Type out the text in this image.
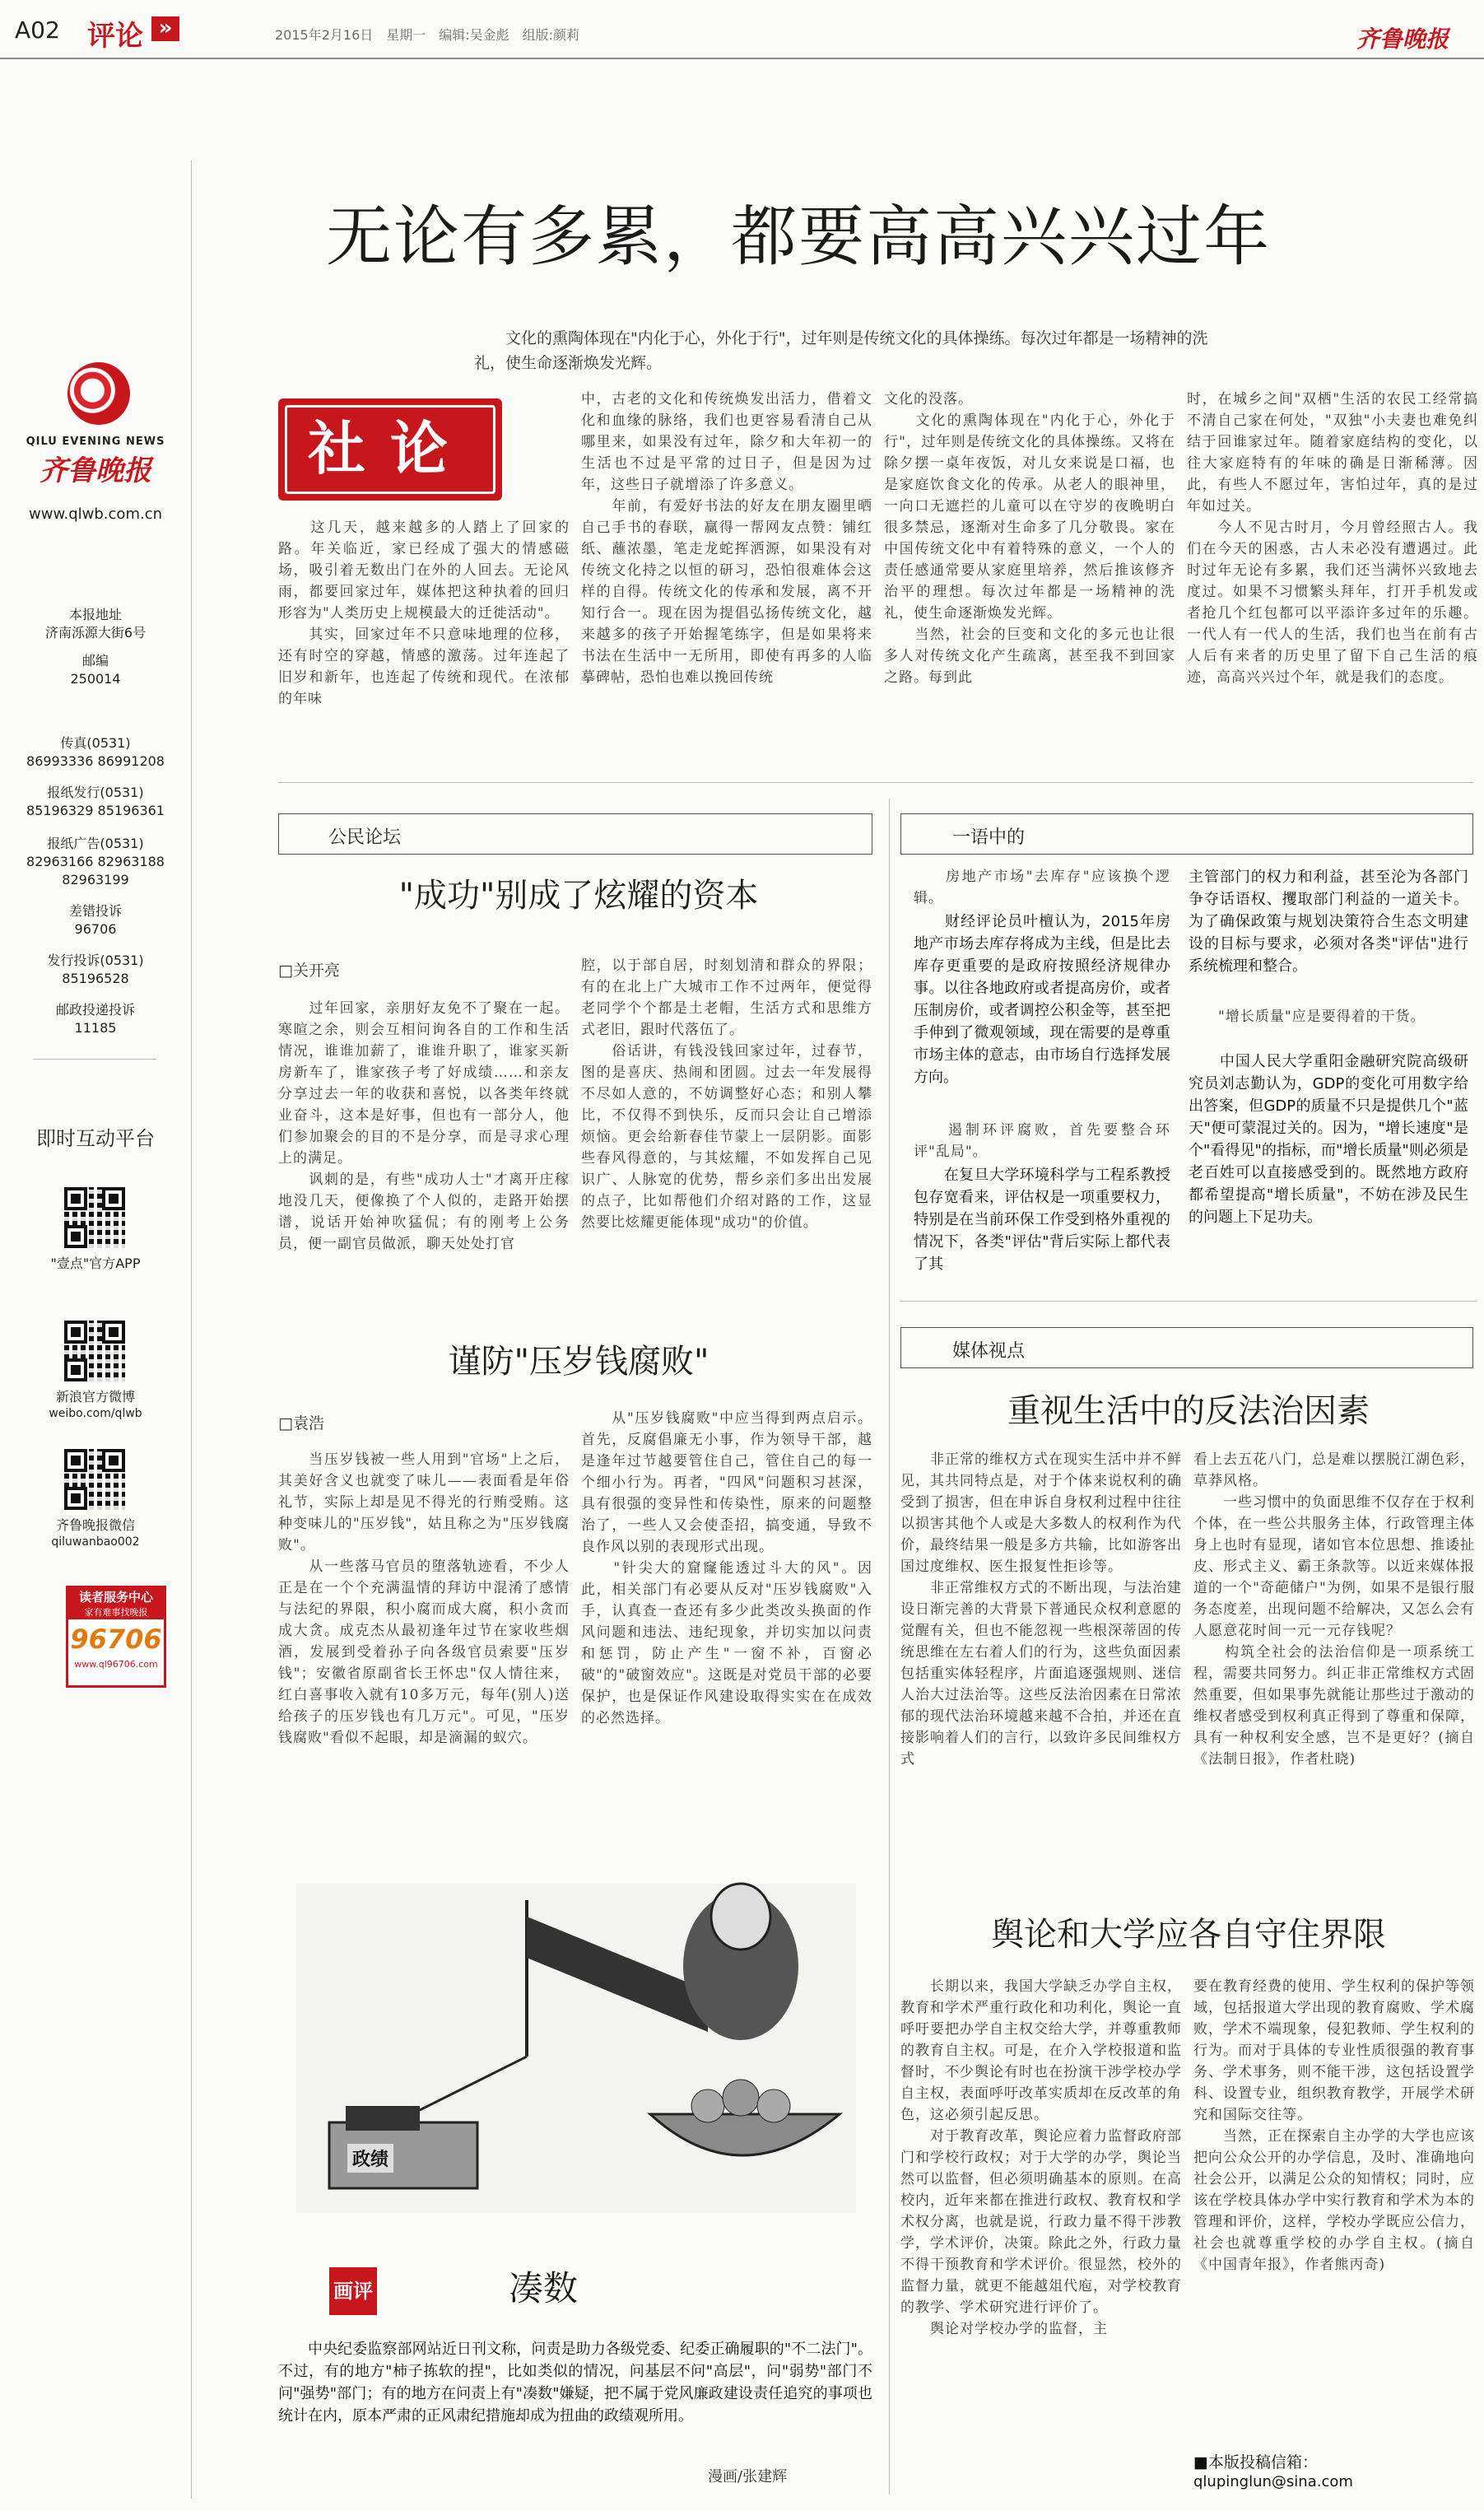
A02 评论 »	2015年2月16日　星期一　编辑:吴金彪　组版:颜莉	齐鲁晚报
QILU EVENING NEWS
齐鲁晚报
www.qlwb.com.cn
本报地址
济南泺源大街6号
邮编
250014
传真(0531)
86993336 86991208
报纸发行(0531)
85196329 85196361
报纸广告(0531)
82963166 82963188
82963199
差错投诉
96706
发行投诉(0531)
85196528
邮政投递投诉
11185
即时互动平台
"壹点"官方APP
新浪官方微博
weibo.com/qlwb
齐鲁晚报微信
qiluwanbao002
读者服务中心
家有难事找晚报
96706
www.ql96706.com
无论有多累，都要高高兴兴过年
文化的熏陶体现在"内化于心，外化于行"，过年则是传统文化的具体操练。每次过年都是一场精神的洗礼，使生命逐渐焕发光辉。
社论
　　这几天，越来越多的人踏上了回家的路。年关临近，家已经成了强大的情感磁场，吸引着无数出门在外的人回去。无论风雨，都要回家过年，媒体把这种执着的回归形容为"人类历史上规模最大的迁徙活动"。
　　其实，回家过年不只意味地理的位移，还有时空的穿越，情感的激荡。过年连起了旧岁和新年，也连起了传统和现代。在浓郁的年味
中，古老的文化和传统焕发出活力，借着文化和血缘的脉络，我们也更容易看清自己从哪里来，如果没有过年，除夕和大年初一的生活也不过是平常的过日子，但是因为过年，这些日子就增添了许多意义。
　　年前，有爱好书法的好友在朋友圈里晒自己手书的春联，赢得一帮网友点赞：铺红纸、蘸浓墨，笔走龙蛇挥洒源，如果没有对传统文化持之以恒的研习，恐怕很难体会这样的自得。传统文化的传承和发展，离不开知行合一。现在因为提倡弘扬传统文化，越来越多的孩子开始握笔练字，但是如果将来书法在生活中一无所用，即使有再多的人临摹碑帖，恐怕也难以挽回传统
文化的没落。
　　文化的熏陶体现在"内化于心，外化于行"，过年则是传统文化的具体操练。又将在除夕摆一桌年夜饭，对儿女来说是口福，也是家庭饮食文化的传承。从老人的眼神里，一向口无遮拦的儿童可以在守岁的夜晚明白很多禁忌，逐渐对生命多了几分敬畏。家在中国传统文化中有着特殊的意义，一个人的责任感通常要从家庭里培养，然后推该修齐治平的理想。每次过年都是一场精神的洗礼，使生命逐渐焕发光辉。
　　当然，社会的巨变和文化的多元也让很多人对传统文化产生疏离，甚至我不到回家之路。每到此
时，在城乡之间"双栖"生活的农民工经常搞不清自己家在何处，"双独"小夫妻也难免纠结于回谁家过年。随着家庭结构的变化，以往大家庭特有的年味的确是日渐稀薄。因此，有些人不愿过年，害怕过年，真的是过年如过关。
　　今人不见古时月，今月曾经照古人。我们在今天的困惑，古人未必没有遭遇过。此时过年无论有多累，我们还当满怀兴致地去度过。如果不习惯繁头拜年，打开手机发或者抢几个红包都可以平添许多过年的乐趣。一代人有一代人的生活，我们也当在前有古人后有来者的历史里了留下自己生活的痕迹，高高兴兴过个年，就是我们的态度。
公民论坛
"成功"别成了炫耀的资本
□关开亮
　　过年回家，亲朋好友免不了聚在一起。寒暄之余，则会互相问询各自的工作和生活情况，谁谁加薪了，谁谁升职了，谁家买新房新车了，谁家孩子考了好成绩……和亲友分享过去一年的收获和喜悦，以各类年终就业奋斗，这本是好事，但也有一部分人，他们参加聚会的目的不是分享，而是寻求心理上的满足。
　　讽刺的是，有些"成功人士"才离开庄稼地没几天，便像换了个人似的，走路开始摆谱，说话开始神吹猛侃；有的刚考上公务员，便一副官员做派，聊天处处打官
腔，以于部自居，时刻划清和群众的界限；有的在北上广大城市工作不过两年，便觉得老同学个个都是土老帽，生活方式和思维方式老旧，跟时代落伍了。
　　俗话讲，有钱没钱回家过年，过春节，图的是喜庆、热闹和团圆。过去一年发展得不尽如人意的，不妨调整好心态；和别人攀比，不仅得不到快乐，反而只会让自己增添烦恼。更会给新春佳节蒙上一层阴影。面影些春风得意的，与其炫耀，不如发挥自己见识广、人脉宽的优势，帮乡亲们多出出发展的点子，比如帮他们介绍对路的工作，这显然要比炫耀更能体现"成功"的价值。
谨防"压岁钱腐败"
□袁浩
　　当压岁钱被一些人用到"官场"上之后，其美好含义也就变了味儿——表面看是年俗礼节，实际上却是见不得光的行贿受贿。这种变味儿的"压岁钱"，姑且称之为"压岁钱腐败"。
　　从一些落马官员的堕落轨迹看，不少人正是在一个个充满温情的拜访中混淆了感情与法纪的界限，积小腐而成大腐，积小贪而成大贪。成克杰从最初逢年过节在家收些烟酒，发展到受着孙子向各级官员索要"压岁钱"；安徽省原副省长王怀忠"仅人情往来，红白喜事收入就有10多万元，每年(别人)送给孩子的压岁钱也有几万元"。可见，"压岁钱腐败"看似不起眼，却是滴漏的蚁穴。
　　从"压岁钱腐败"中应当得到两点启示。首先，反腐倡廉无小事，作为领导干部，越是逢年过节越要管住自己，管住自己的每一个细小行为。再者，"四风"问题积习甚深，具有很强的变异性和传染性，原来的问题整治了，一些人又会使歪招，搞变通，导致不良作风以别的表现形式出现。
　　"针尖大的窟窿能透过斗大的风"。因此，相关部门有必要从反对"压岁钱腐败"入手，认真查一查还有多少此类改头换面的作风问题和违法、违纪现象，并切实加以问责和惩罚，防止产生"一窗不补，百窗必破"的"破窗效应"。这既是对党员干部的必要保护，也是保证作风建设取得实实在在成效的必然选择。
政绩
画评	凑数
中央纪委监察部网站近日刊文称，问责是助力各级党委、纪委正确履职的"不二法门"。不过，有的地方"柿子拣软的捏"，比如类似的情况，问基层不问"高层"，问"弱势"部门不问"强势"部门；有的地方在问责上有"凑数"嫌疑，把不属于党风廉政建设责任追究的事项也统计在内，原本严肃的正风肃纪措施却成为扭曲的政绩观所用。
漫画/张建辉
一语中的
　　房地产市场"去库存"应该换个逻辑。
　　财经评论员叶檀认为，2015年房地产市场去库存将成为主线，但是比去库存更重要的是政府按照经济规律办事。以往各地政府或者提高房价，或者压制房价，或者调控公积金等，甚至把手伸到了微观领域，现在需要的是尊重市场主体的意志，由市场自行选择发展方向。
　　遏制环评腐败，首先要整合环评"乱局"。
　　在复旦大学环境科学与工程系教授包存宽看来，评估权是一项重要权力，特别是在当前环保工作受到格外重视的情况下，各类"评估"背后实际上都代表了其
主管部门的权力和利益，甚至沦为各部门争夺话语权、攫取部门利益的一道关卡。为了确保政策与规划决策符合生态文明建设的目标与要求，必须对各类"评估"进行系统梳理和整合。
　　"增长质量"应是要得着的干货。
　　中国人民大学重阳金融研究院高级研究员刘志勤认为，GDP的变化可用数字给出答案，但GDP的质量不只是提供几个"蓝天"便可蒙混过关的。因为，"增长速度"是个"看得见"的指标，而"增长质量"则必须是老百姓可以直接感受到的。既然地方政府都希望提高"增长质量"，不妨在涉及民生的问题上下足功夫。
媒体视点
重视生活中的反法治因素
　　非正常的维权方式在现实生活中并不鲜见，其共同特点是，对于个体来说权利的确受到了损害，但在申诉自身权利过程中往往以损害其他个人或是大多数人的权利作为代价，最终结果一般是多方共输，比如游客出国过度维权、医生报复性拒诊等。
　　非正常维权方式的不断出现，与法治建设日渐完善的大背景下普通民众权利意愿的觉醒有关，但也不能忽视一些根深蒂固的传统思维在左右着人们的行为，这些负面因素包括重实体轻程序，片面追逐强规则、迷信人治大过法治等。这些反法治因素在日常浓郁的现代法治环境越来越不合拍，并还在直接影响着人们的言行，以致许多民间维权方式
看上去五花八门，总是难以摆脱江湖色彩，草莽风格。
　　一些习惯中的负面思维不仅存在于权利个体，在一些公共服务主体，行政管理主体身上也时有显现，诸如官本位思想、推诿扯皮、形式主义、霸王条款等。以近来媒体报道的一个"奇葩储户"为例，如果不是银行服务态度差，出现问题不给解决，又怎么会有人愿意花时间一元一元存钱呢？
　　构筑全社会的法治信仰是一项系统工程，需要共同努力。纠正非正常维权方式固然重要，但如果事先就能让那些过于激动的维权者感受到权利真正得到了尊重和保障，具有一种权利安全感，岂不是更好？(摘自《法制日报》，作者杜晓)
舆论和大学应各自守住界限
　　长期以来，我国大学缺乏办学自主权，教育和学术严重行政化和功利化，舆论一直呼吁要把办学自主权交给大学，并尊重教师的教育自主权。可是，在介入学校报道和监督时，不少舆论有时也在扮演干涉学校办学自主权，表面呼吁改革实质却在反改革的角色，这必须引起反思。
　　对于教育改革，舆论应着力监督政府部门和学校行政权；对于大学的办学，舆论当然可以监督，但必须明确基本的原则。在高校内，近年来都在推进行政权、教育权和学术权分离，也就是说，行政力量不得干涉教学，学术评价，决策。除此之外，行政力量不得干预教育和学术评价。很显然，校外的监督力量，就更不能越俎代庖，对学校教育的教学、学术研究进行评价了。
　　舆论对学校办学的监督，主
要在教育经费的使用、学生权利的保护等领域，包括报道大学出现的教育腐败、学术腐败，学术不端现象，侵犯教师、学生权利的行为。而对于具体的专业性质很强的教育事务、学术事务，则不能干涉，这包括设置学科、设置专业，组织教育教学，开展学术研究和国际交往等。
　　当然，正在探索自主办学的大学也应该把向公众公开的办学信息，及时、准确地向社会公开，以满足公众的知情权；同时，应该在学校具体办学中实行教育和学术为本的管理和评价，这样，学校办学既应公信力，社会也就尊重学校的办学自主权。(摘自《中国青年报》，作者熊丙奇)
■本版投稿信箱：
qlupinglun@sina.com
